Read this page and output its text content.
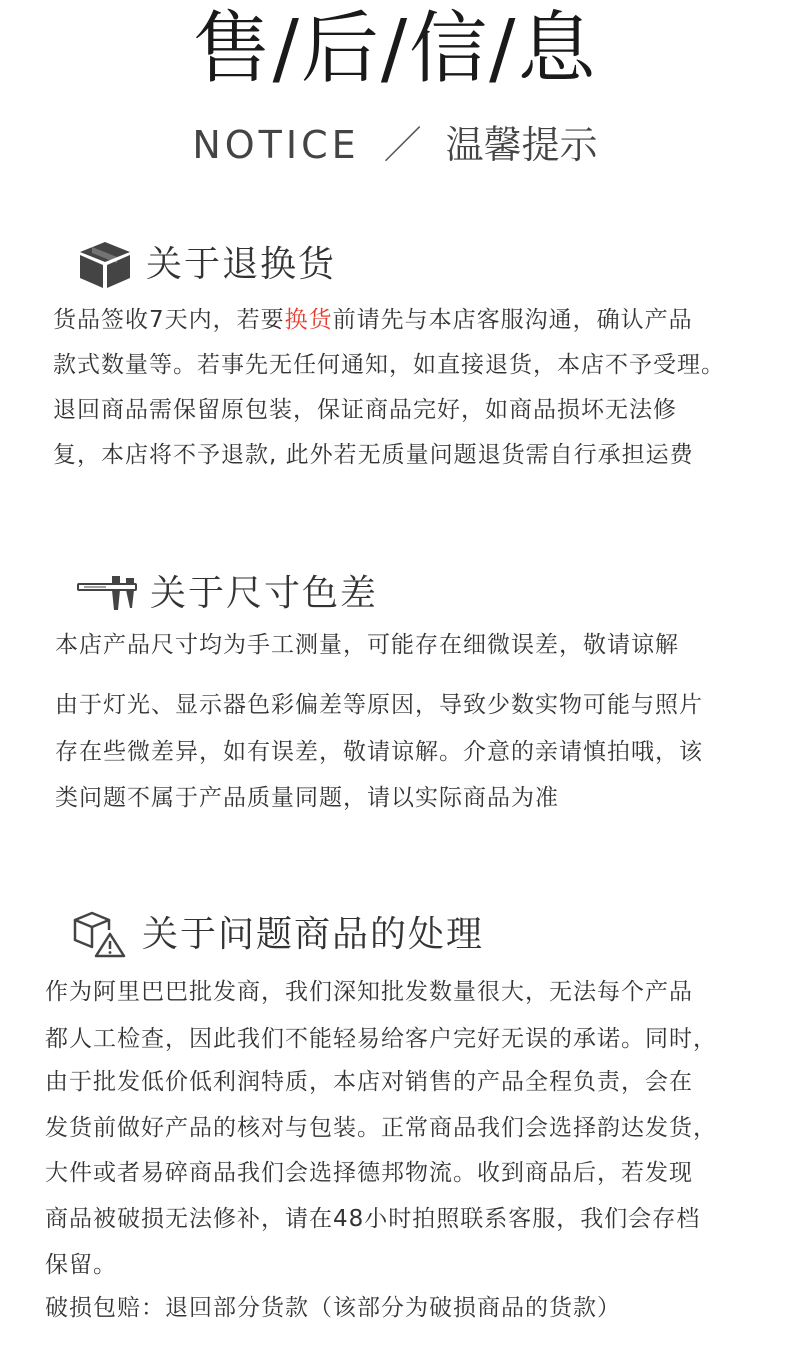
售/后/信/息
NOTICE ／ 温馨提示
关于退换货
货品签收7天内，若要换货前请先与本店客服沟通，确认产品
款式数量等。若事先无任何通知，如直接退货，本店不予受理。
退回商品需保留原包装，保证商品完好，如商品损坏无法修
复，本店将不予退款, 此外若无质量问题退货需自行承担运费
关于尺寸色差
本店产品尺寸均为手工测量，可能存在细微误差，敬请谅解
由于灯光、显示器色彩偏差等原因，导致少数实物可能与照片
存在些微差异，如有误差，敬请谅解。介意的亲请慎拍哦，该
类问题不属于产品质量同题，请以实际商品为准
关于问题商品的处理
作为阿里巴巴批发商，我们深知批发数量很大，无法每个产品
都人工检查，因此我们不能轻易给客户完好无误的承诺。同时，
由于批发低价低利润特质，本店对销售的产品全程负责，会在
发货前做好产品的核对与包装。正常商品我们会选择韵达发货，
大件或者易碎商品我们会选择德邦物流。收到商品后，若发现
商品被破损无法修补，请在48小时拍照联系客服，我们会存档
保留。
破损包赔：退回部分货款（该部分为破损商品的货款）
